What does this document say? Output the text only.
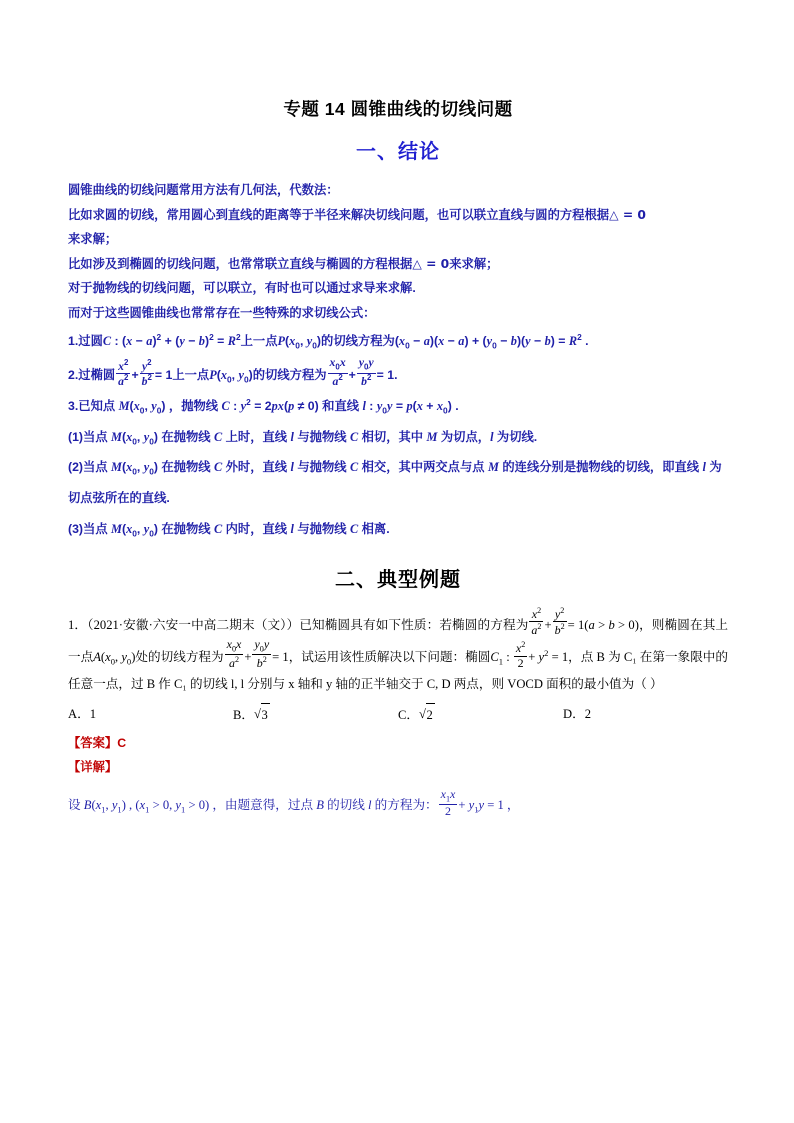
专题 14 圆锥曲线的切线问题
一、结论
圆锥曲线的切线问题常用方法有几何法，代数法：
比如求圆的切线，常用圆心到直线的距离等于半径来解决切线问题，也可以联立直线与圆的方程根据△ = 0
来求解；
比如涉及到椭圆的切线问题，也常常联立直线与椭圆的方程根据△ = 0来求解；
对于抛物线的切线问题，可以联立，有时也可以通过求导来求解.
而对于这些圆锥曲线也常常存在一些特殊的求切线公式：
1.过圆C : $(x - a)^2 + (y - b)^2 = R^2$上一点$P(x_0$, $y_0$)的切线方程为$(x_0 - a)(x - a) + (y_0 - b)(y - b) = R^2$ .
2.过椭圆 $\frac{x^2}{a^2} + \frac{y^2}{b^2} = 1$上一点$P(x_0$, $y_0$)的切线方程为 $\frac{x_0x}{a^2} + \frac{y_0y}{b^2} = 1$.
3.已知点 $M(x_0$, $y_0$) ，抛物线 C : $y^2 = 2px(p \ne 0)$ 和直线 l : $y_0y = p(x + x_0)$ .
(1)当点 $M(x_0$, $y_0$) 在抛物线 C 上时，直线 l 与抛物线 C 相切，其中 M 为切点，l 为切线.
(2)当点 $M(x_0$, $y_0$) 在抛物线 C 外时，直线 l 与抛物线 C 相交，其中两交点与点 M 的连线分别是抛物线的切线，即直线 l 为切点弦所在的直线.
(3)当点 $M(x_0$, $y_0$) 在抛物线 C 内时，直线 l 与抛物线 C 相离.
二、典型例题
1．（2021·安徽·六安一中高二期末（文））已知椭圆具有如下性质：若椭圆的方程为 $\frac{x^2}{a^2} + \frac{y^2}{b^2} = 1(a > b > 0)$，则椭圆在其上一点$A(x_0$, $y_0$)处的切线方程为 $\frac{x_0x}{a^2} + \frac{y_0y}{b^2} = 1$，试运用该性质解决以下问题：椭圆$C_1$ : $\frac{x^2}{2} + y^2 = 1$，点 B 为 C₁ 在第一象限中的任意一点，过 B 作 C₁ 的切线 l, l 分别与 x 轴和 y 轴的正半轴交于 C, D 两点，则 VOCD 面积的最小值为（ ）
A．1	B． √ 3	C． √ 2	D．2
【答案】C
【详解】
设 $B(x_1$, $y_1$) , ($x_1 > 0$, $y_1 > 0$) ，由题意得，过点 B 的切线 l 的方程为： $\frac{x_1x}{2} + y_1y = 1$ ，
